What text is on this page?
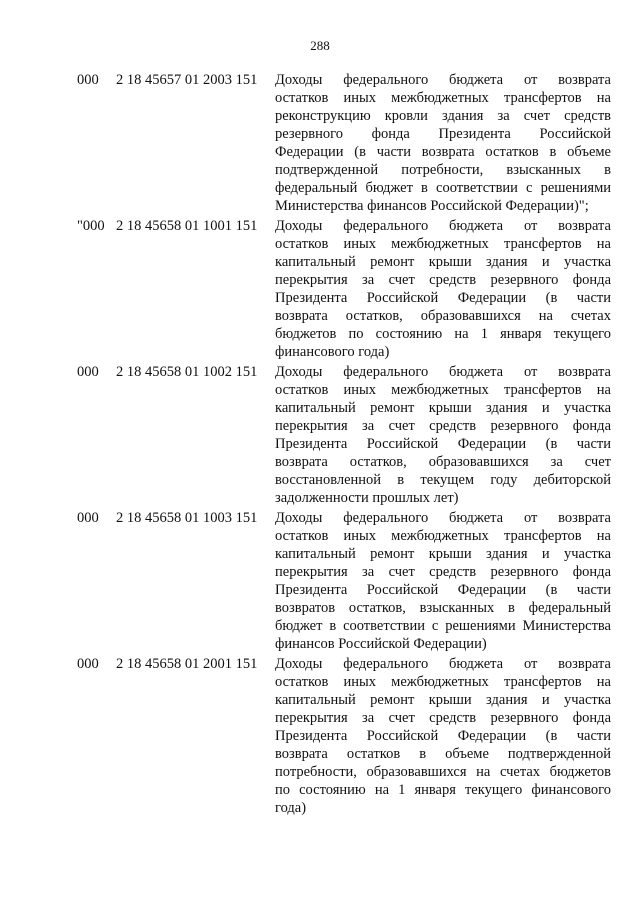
288
000 2 18 45657 01 2003 151 Доходы федерального бюджета от возврата
остатков иных межбюджетных трансфертов на
реконструкцию кровли здания за счет средств
резервного фонда Президента Российской
Федерации (в части возврата остатков в объеме
подтвержденной потребности, взысканных в
федеральный бюджет в соответствии с решениями
Министерства финансов Российской Федерации)";
"000 2 18 45658 01 1001 151 Доходы федерального бюджета от возврата
остатков иных межбюджетных трансфертов на
капитальный ремонт крыши здания и участка
перекрытия за счет средств резервного фонда
Президента Российской Федерации (в части
возврата остатков, образовавшихся на счетах
бюджетов по состоянию на 1 января текущего
финансового года)
000 2 18 45658 01 1002 151 Доходы федерального бюджета от возврата
остатков иных межбюджетных трансфертов на
капитальный ремонт крыши здания и участка
перекрытия за счет средств резервного фонда
Президента Российской Федерации (в части
возврата остатков, образовавшихся за счет
восстановленной в текущем году дебиторской
задолженности прошлых лет)
000 2 18 45658 01 1003 151 Доходы федерального бюджета от возврата
остатков иных межбюджетных трансфертов на
капитальный ремонт крыши здания и участка
перекрытия за счет средств резервного фонда
Президента Российской Федерации (в части
возвратов остатков, взысканных в федеральный
бюджет в соответствии с решениями Министерства
финансов Российской Федерации)
000 2 18 45658 01 2001 151 Доходы федерального бюджета от возврата
остатков иных межбюджетных трансфертов на
капитальный ремонт крыши здания и участка
перекрытия за счет средств резервного фонда
Президента Российской Федерации (в части
возврата остатков в объеме подтвержденной
потребности, образовавшихся на счетах бюджетов
по состоянию на 1 января текущего финансового
года)
